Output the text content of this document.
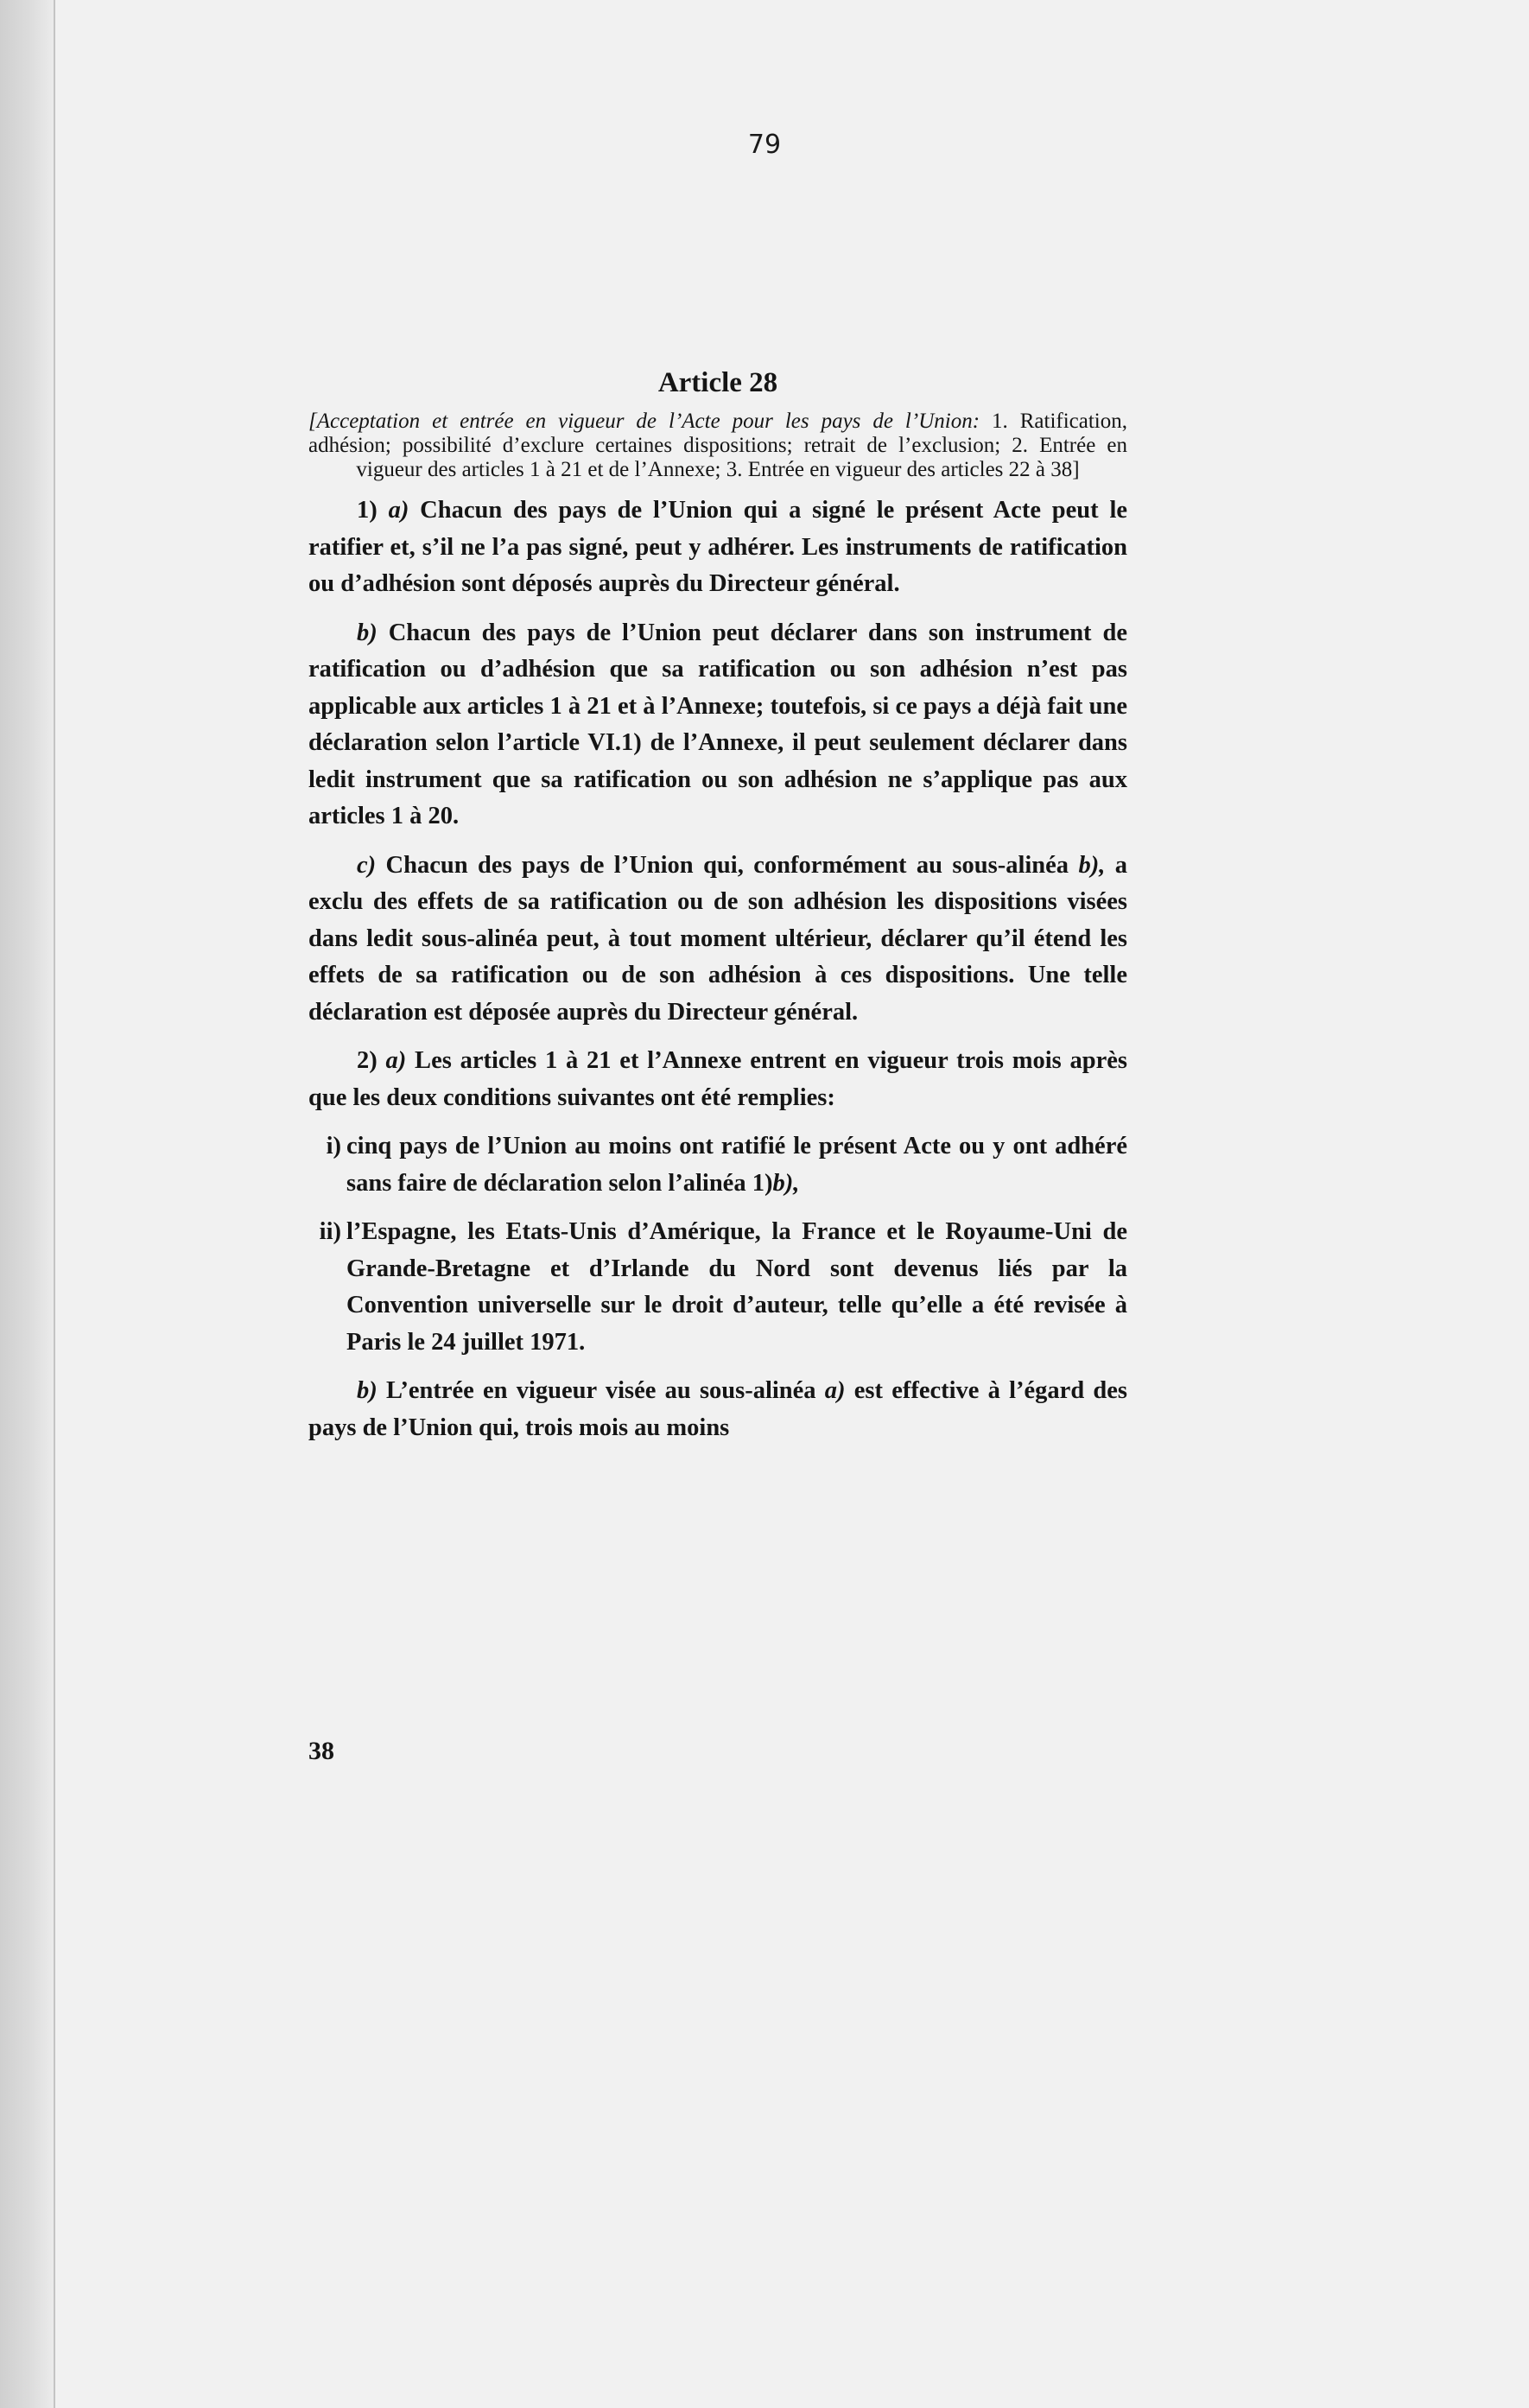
79
Article 28
[Acceptation et entrée en vigueur de l’Acte pour les pays de l’Union: 1. Ratification, adhésion; possibilité d’exclure certaines dispositions; retrait de l’exclusion; 2. Entrée en vigueur des articles 1 à 21 et de l’Annexe; 3. Entrée en vigueur des articles 22 à 38]

1) a) Chacun des pays de l’Union qui a signé le présent Acte peut le ratifier et, s’il ne l’a pas signé, peut y adhérer. Les instruments de ratification ou d’adhésion sont déposés auprès du Directeur général.

b) Chacun des pays de l’Union peut déclarer dans son instrument de ratification ou d’adhésion que sa ratification ou son adhésion n’est pas applicable aux articles 1 à 21 et à l’Annexe; toutefois, si ce pays a déjà fait une déclaration selon l’article VI.1) de l’Annexe, il peut seulement déclarer dans ledit instrument que sa ratification ou son adhésion ne s’applique pas aux articles 1 à 20.

c) Chacun des pays de l’Union qui, conformément au sous-alinéa b), a exclu des effets de sa ratification ou de son adhésion les dispositions visées dans ledit sous-alinéa peut, à tout moment ultérieur, déclarer qu’il étend les effets de sa ratification ou de son adhésion à ces dispositions. Une telle déclaration est déposée auprès du Directeur général.

2) a) Les articles 1 à 21 et l’Annexe entrent en vigueur trois mois après que les deux conditions suivantes ont été remplies:

i) cinq pays de l’Union au moins ont ratifié le présent Acte ou y ont adhéré sans faire de déclaration selon l’alinéa 1)b),
ii) l’Espagne, les Etats-Unis d’Amérique, la France et le Royaume-Uni de Grande-Bretagne et d’Irlande du Nord sont devenus liés par la Convention universelle sur le droit d’auteur, telle qu’elle a été revisée à Paris le 24 juillet 1971.

b) L’entrée en vigueur visée au sous-alinéa a) est effective à l’égard des pays de l’Union qui, trois mois au moins

38
